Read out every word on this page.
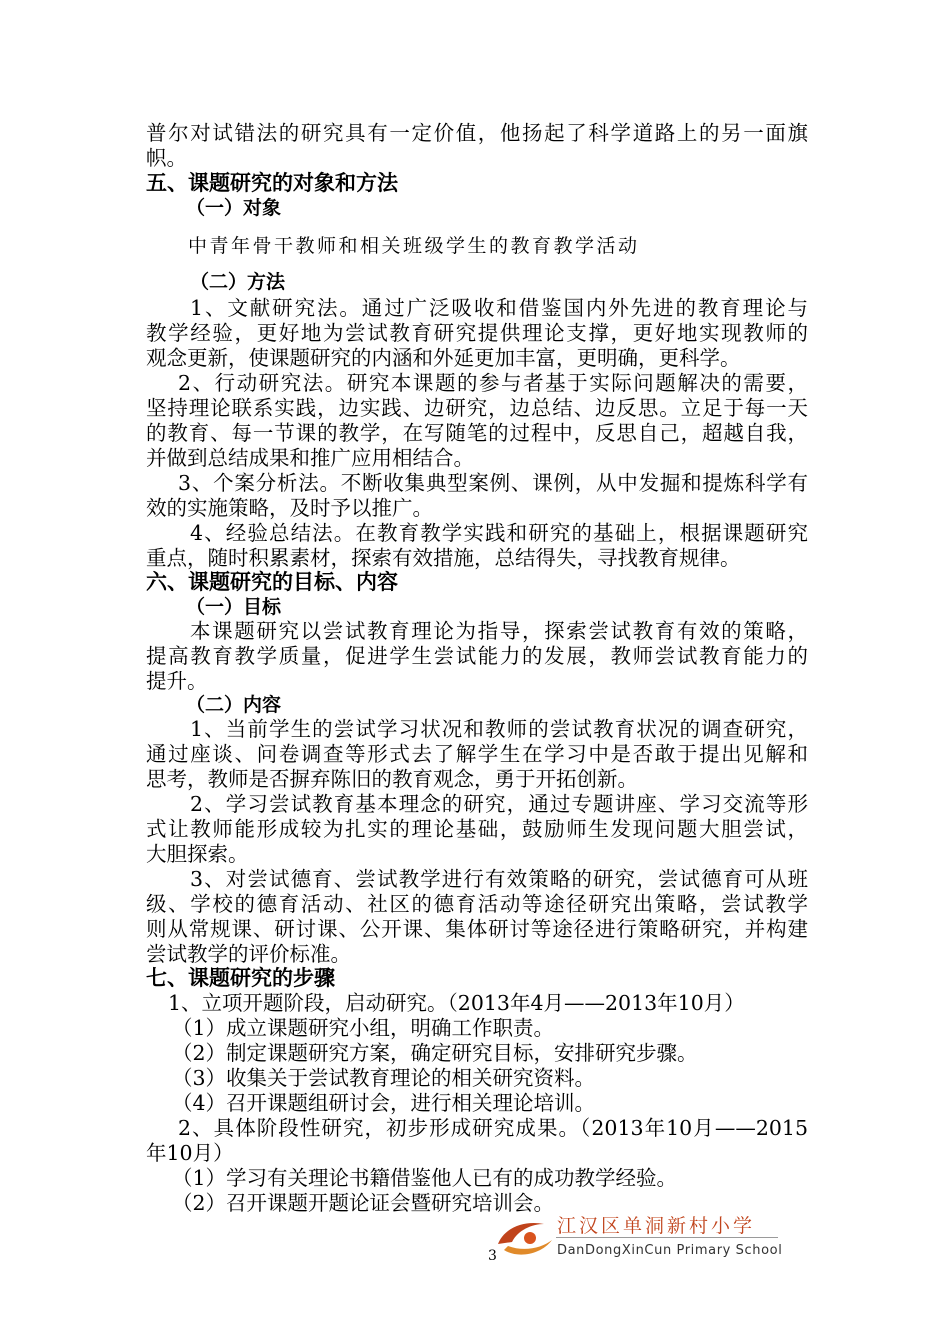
普尔对试错法的研究具有一定价值，他扬起了科学道路上的另一面旗
帜。
五、课题研究的对象和方法
（一）对象
中青年骨干教师和相关班级学生的教育教学活动
（二）方法
1、文献研究法。通过广泛吸收和借鉴国内外先进的教育理论与
教学经验，更好地为尝试教育研究提供理论支撑，更好地实现教师的
观念更新，使课题研究的内涵和外延更加丰富，更明确，更科学。
2、行动研究法。研究本课题的参与者基于实际问题解决的需要，
坚持理论联系实践，边实践、边研究，边总结、边反思。立足于每一天
的教育、每一节课的教学，在写随笔的过程中，反思自己，超越自我，
并做到总结成果和推广应用相结合。
3、个案分析法。不断收集典型案例、课例，从中发掘和提炼科学有
效的实施策略，及时予以推广。
4、经验总结法。在教育教学实践和研究的基础上，根据课题研究
重点，随时积累素材，探索有效措施，总结得失，寻找教育规律。
六、课题研究的目标、内容
（一）目标
本课题研究以尝试教育理论为指导，探索尝试教育有效的策略，
提高教育教学质量，促进学生尝试能力的发展，教师尝试教育能力的
提升。
（二）内容
1、当前学生的尝试学习状况和教师的尝试教育状况的调查研究，
通过座谈、问卷调查等形式去了解学生在学习中是否敢于提出见解和
思考，教师是否摒弃陈旧的教育观念，勇于开拓创新。
2、学习尝试教育基本理念的研究，通过专题讲座、学习交流等形
式让教师能形成较为扎实的理论基础，鼓励师生发现问题大胆尝试，
大胆探索。
3、对尝试德育、尝试教学进行有效策略的研究，尝试德育可从班
级、学校的德育活动、社区的德育活动等途径研究出策略，尝试教学
则从常规课、研讨课、公开课、集体研讨等途径进行策略研究，并构建
尝试教学的评价标准。
七、课题研究的步骤
1、立项开题阶段，启动研究。（2013年4月——2013年10月）
（1）成立课题研究小组，明确工作职责。
（2）制定课题研究方案，确定研究目标，安排研究步骤。
（3）收集关于尝试教育理论的相关研究资料。
（4）召开课题组研讨会，进行相关理论培训。
2、具体阶段性研究，初步形成研究成果。（2013年10月——2015
年10月）
（1）学习有关理论书籍借鉴他人已有的成功教学经验。
（2）召开课题开题论证会暨研究培训会。
江汉区单洞新村小学
DanDongXinCun Primary School
3
